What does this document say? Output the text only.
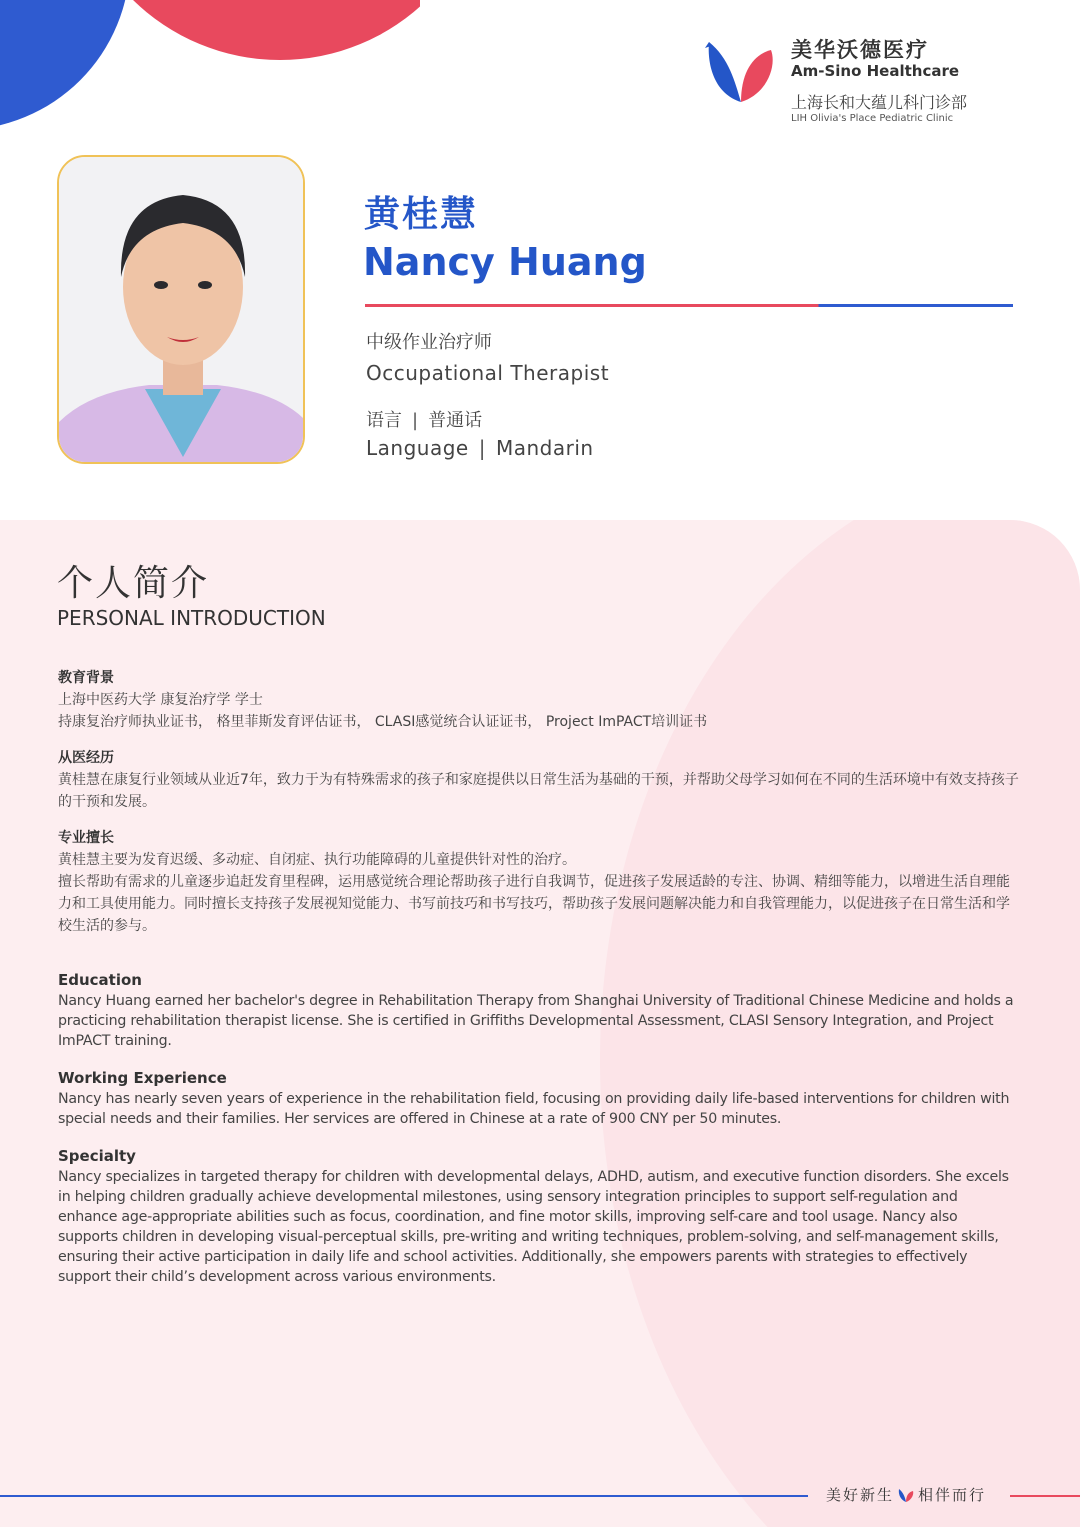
美华沃德医疗
Am-Sino Healthcare
上海长和大蕴儿科门诊部
LIH Olivia's Place Pediatric Clinic
黄桂慧
Nancy Huang
中级作业治疗师
Occupational Therapist
语言 | 普通话
Language | Mandarin
个人简介
PERSONAL INTRODUCTION
教育背景

上海中医药大学 康复治疗学 学士

持康复治疗师执业证书， 格里菲斯发育评估证书， CLASI感觉统合认证证书， Project ImPACT培训证书

从医经历

黄桂慧在康复行业领域从业近7年，致力于为有特殊需求的孩子和家庭提供以日常生活为基础的干预，并帮助父母学习如何在不同的生活环境中有效支持孩子的干预和发展。

专业擅长

黄桂慧主要为发育迟缓、多动症、自闭症、执行功能障碍的儿童提供针对性的治疗。

擅长帮助有需求的儿童逐步追赶发育里程碑，运用感觉统合理论帮助孩子进行自我调节，促进孩子发展适龄的专注、协调、精细等能力，以增进生活自理能力和工具使用能力。同时擅长支持孩子发展视知觉能力、书写前技巧和书写技巧，帮助孩子发展问题解决能力和自我管理能力，以促进孩子在日常生活和学校生活的参与。

Education

Nancy Huang earned her bachelor's degree in Rehabilitation Therapy from Shanghai University of Traditional Chinese Medicine and holds a practicing rehabilitation therapist license. She is certified in Griffiths Developmental Assessment, CLASI Sensory Integration, and Project ImPACT training.

Working Experience

Nancy has nearly seven years of experience in the rehabilitation field, focusing on providing daily life-based interventions for children with special needs and their families. Her services are offered in Chinese at a rate of 900 CNY per 50 minutes.

Specialty

Nancy specializes in targeted therapy for children with developmental delays, ADHD, autism, and executive function disorders. She excels in helping children gradually achieve developmental milestones, using sensory integration principles to support self-regulation and enhance age-appropriate abilities such as focus, coordination, and fine motor skills, improving self-care and tool usage. Nancy also supports children in developing visual-perceptual skills, pre-writing and writing techniques, problem-solving, and self-management skills, ensuring their active participation in daily life and school activities. Additionally, she empowers parents with strategies to effectively support their child’s development across various environments.

美好新生 相伴而行
